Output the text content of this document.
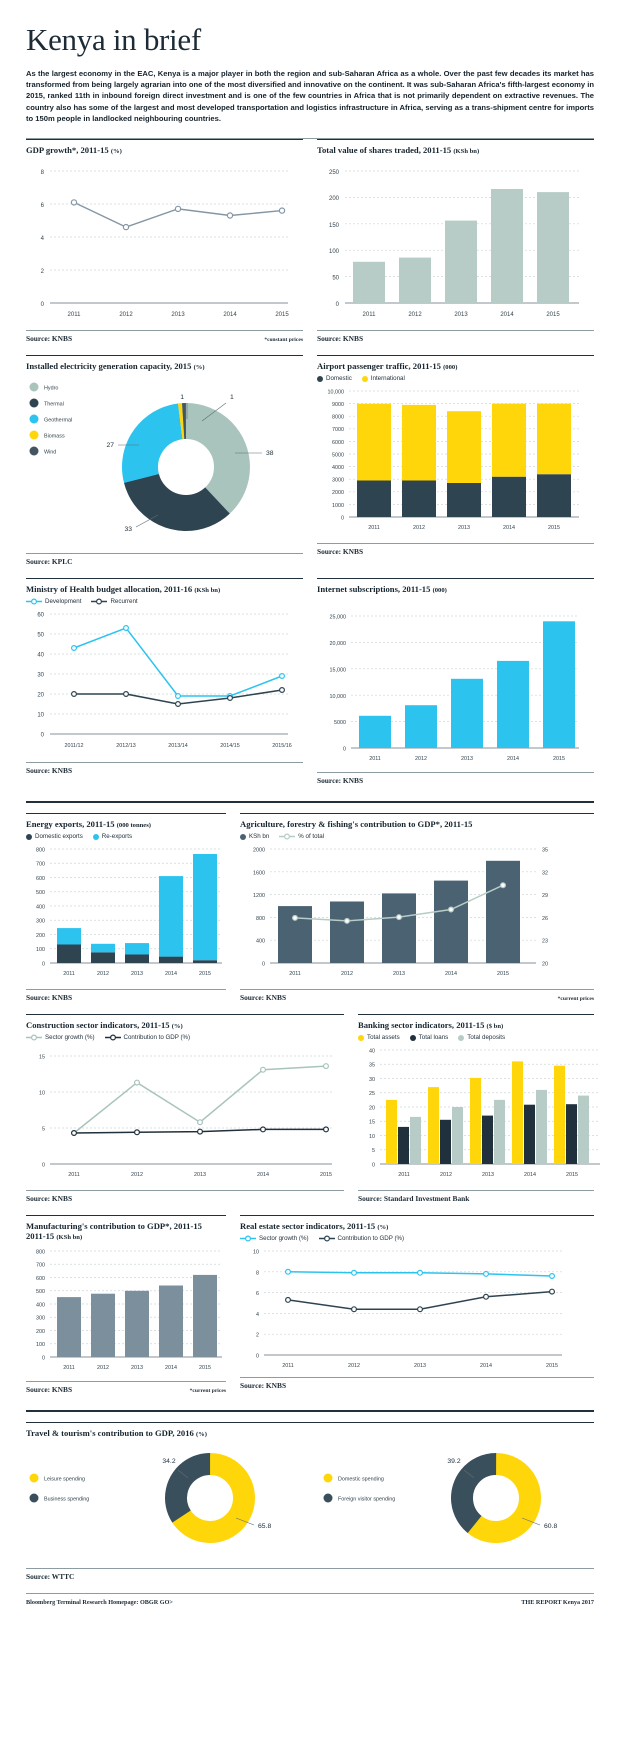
Kenya in brief

As the largest economy in the EAC, Kenya is a major player in both the region and sub-Saharan Africa as a whole. Over the past few decades its market has transformed from being largely agrarian into one of the most diversified and innovative on the continent. It was sub-Saharan Africa's fifth-largest economy in 2015, ranked 11th in inbound foreign direct investment and is one of the few countries in Africa that is not primarily dependent on extractive revenues. The country also has some of the largest and most developed transportation and logistics infrastructure in Africa, serving as a trans-shipment centre for imports to 150m people in landlocked neighbouring countries.

GDP growth*, 2011-15 (%)
8
6
4
2
0
2011	2012	2013	2014	2015
Source: KNBS	*constant prices
Total value of shares traded, 2011-15 (KSh bn)
250
200
150
100
50
0
2011	2012	2013	2014	2015
Source: KNBS
Installed electricity generation capacity, 2015 (%)
Hydro
Thermal
Geothermal
Biomass
Wind
1	1
38
27
33
Source: KPLC
Airport passenger traffic, 2011-15 (000)
Domestic	International
10,000
9000
8000
7000
6000
5000
4000
3000
2000
1000
0
2011	2012	2013	2014	2015
Source: KNBS
Ministry of Health budget allocation, 2011-16 (KSh bn)
Development	Recurrent
60
50
40
30
20
10
0
2011/12	2012/13	2013/14	2014/15	2015/16
Source: KNBS
Internet subscriptions, 2011-15 (000)
25,000
20,000
15,000
10,000
5000
0
2011	2012	2013	2014	2015
Source: KNBS
Energy exports, 2011-15 (000 tonnes)
Domestic exports	Re-exports
800
700
600
500
400
300
200
100
0
2011	2012	2013	2014	2015
Source: KNBS
Agriculture, forestry & fishing's contribution to GDP*, 2011-15
KSh bn	% of total
2000
1600
1200
800
400
0
35
32
29
26
23
20
2011	2012	2013	2014	2015
Source: KNBS	*current prices
Construction sector indicators, 2011-15 (%)
Sector growth (%)	Contribution to GDP (%)
15
10
5
0
2011	2012	2013	2014	2015
Source: KNBS
Banking sector indicators, 2011-15 ($ bn)
Total assets	Total loans	Total deposits
40
35
30
25
20
15
10
5
0
2011	2012	2013	2014	2015
Source: Standard Investment Bank
Manufacturing's contribution to GDP*, 2011-15
2011-15 (KSh bn)
800
700
600
500
400
300
200
100
0
2011	2012	2013	2014	2015
Source: KNBS	*current prices
Real estate sector indicators, 2011-15 (%)
Sector growth (%)	Contribution to GDP (%)
10
8
6
4
2
0
2011	2012	2013	2014	2015
Source: KNBS
Travel & tourism's contribution to GDP, 2016 (%)
Leisure spending
Business spending
34.2
65.8
Domestic spending
Foreign visitor spending
39.2
60.8
Source: WTTC
Bloomberg Terminal Research Homepage: OBGR GO>	THE REPORT Kenya 2017
